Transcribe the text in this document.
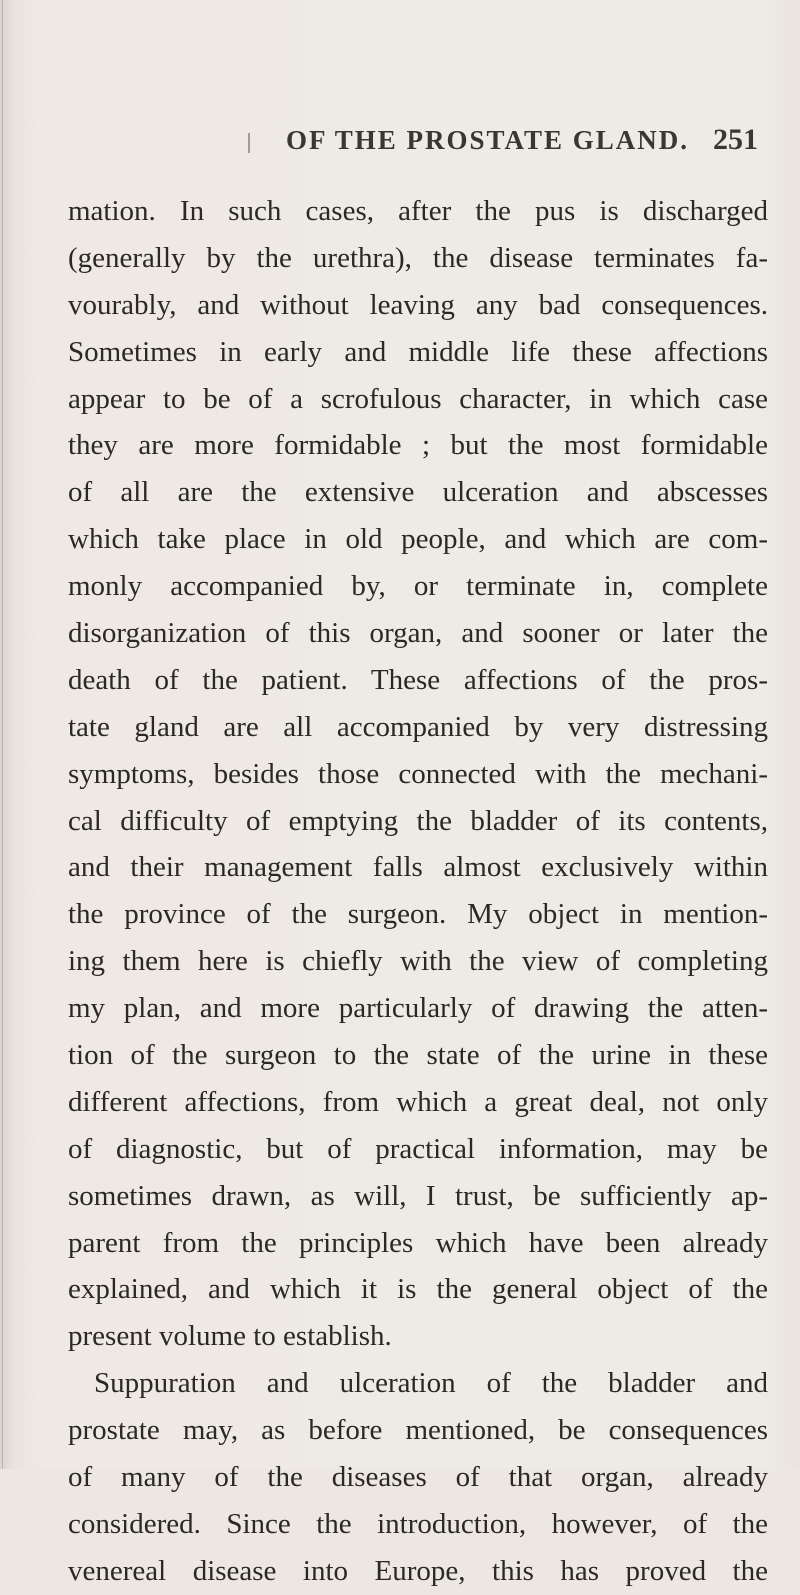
OF THE PROSTATE GLAND. 251
mation. In such cases, after the pus is discharged
(generally by the urethra), the disease terminates fa-
vourably, and without leaving any bad consequences.
Sometimes in early and middle life these affections
appear to be of a scrofulous character, in which case
they are more formidable ; but the most formidable
of all are the extensive ulceration and abscesses
which take place in old people, and which are com-
monly accompanied by, or terminate in, complete
disorganization of this organ, and sooner or later the
death of the patient. These affections of the pros-
tate gland are all accompanied by very distressing
symptoms, besides those connected with the mechani-
cal difficulty of emptying the bladder of its contents,
and their management falls almost exclusively within
the province of the surgeon. My object in mention-
ing them here is chiefly with the view of completing
my plan, and more particularly of drawing the atten-
tion of the surgeon to the state of the urine in these
different affections, from which a great deal, not only
of diagnostic, but of practical information, may be
sometimes drawn, as will, I trust, be sufficiently ap-
parent from the principles which have been already
explained, and which it is the general object of the
present volume to establish.
Suppuration and ulceration of the bladder and
prostate may, as before mentioned, be consequences
of many of the diseases of that organ, already
considered. Since the introduction, however, of the
venereal disease into Europe, this has proved the
